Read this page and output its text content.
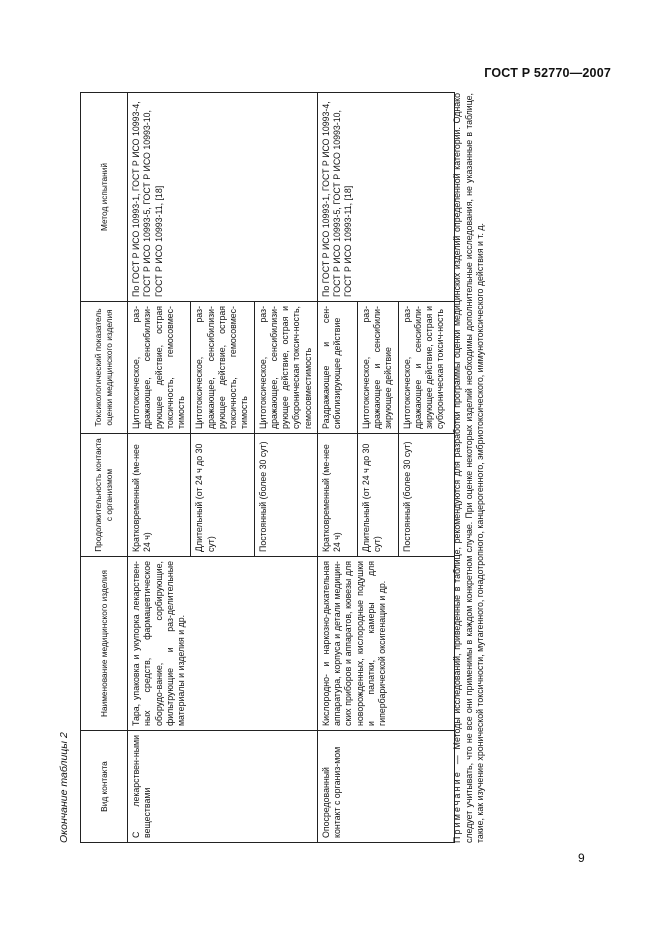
ГОСТ Р 52770—2007
Окончание таблицы 2	Вид контакта	Наименование медицинского изделия	Продолжительность контакта с организмом	Токсикологический показатель оценки медицинского изделия	Метод испытаний
С лекарствен-ными веществами	Тара, упаковка и укупорка лекарствен-ных средств, фармацевтическое оборудо-вание, сорбирующие, фильтрующие и раз-делительные материалы и изделия и др.	Кратковременный (ме-нее 24 ч)	Цитотоксическое, раз-дражающее, сенсибилизи-рующее действие, острая токсичность, гемосовмес-тимость	По ГОСТ Р ИСО 10993-1, ГОСТ Р ИСО 10993-4, ГОСТ Р ИСО 10993-5, ГОСТ Р ИСО 10993-10, ГОСТ Р ИСО 10993-11, [18]
		Длительный (от 24 ч до 30 сут)	Цитотоксическое, раз-дражающее, сенсибилизи-рующее действие, острая токсичность, гемосовмес-тимость	
		Постоянный (более 30 сут)	Цитотоксическое, раз-дражающее, сенсибилизи-рующее действие, острая и субхроническая токсич-ность, гемосовместимость	
Опосредованный контакт с организ-мом	Кислородно- и наркозно-дыхательная аппаратура, корпуса и детали медицин-ских приборов и аппаратов, кювезы для новорожденных, кислородные подушки и палатки, камеры для гипербарической оксигенации и др.	Кратковременный (ме-нее 24 ч)	Раздражающее и сен-сибилизирующее действие	По ГОСТ Р ИСО 10993-1, ГОСТ Р ИСО 10993-4, ГОСТ Р ИСО 10993-5, ГОСТ Р ИСО 10993-10, ГОСТ Р ИСО 10993-11, [18]
		Длительный (от 24 ч до 30 сут)	Цитотоксическое, раз-дражающее и сенсибили-зирующее действие	
		Постоянный (более 30 сут)	Цитотоксическое, раз-дражающее и сенсибили-зирующее действие, острая и субхроническая токсич-ность	
Примечание — Методы исследований, приведенные в таблице, рекомендуются для разработки программы оценки медицинских изделий определенной категории. Однако следует учитывать, что не все они применимы в каждом конкретном случае. При оценке некоторых изделий необходимы дополнительные исследования, не указанные в таблице, такие, как изучение хронической токсичности, мутагенного, гонадотропного, канцерогенного, эмбриотоксического, иммунотоксического действия и т. д.
9
